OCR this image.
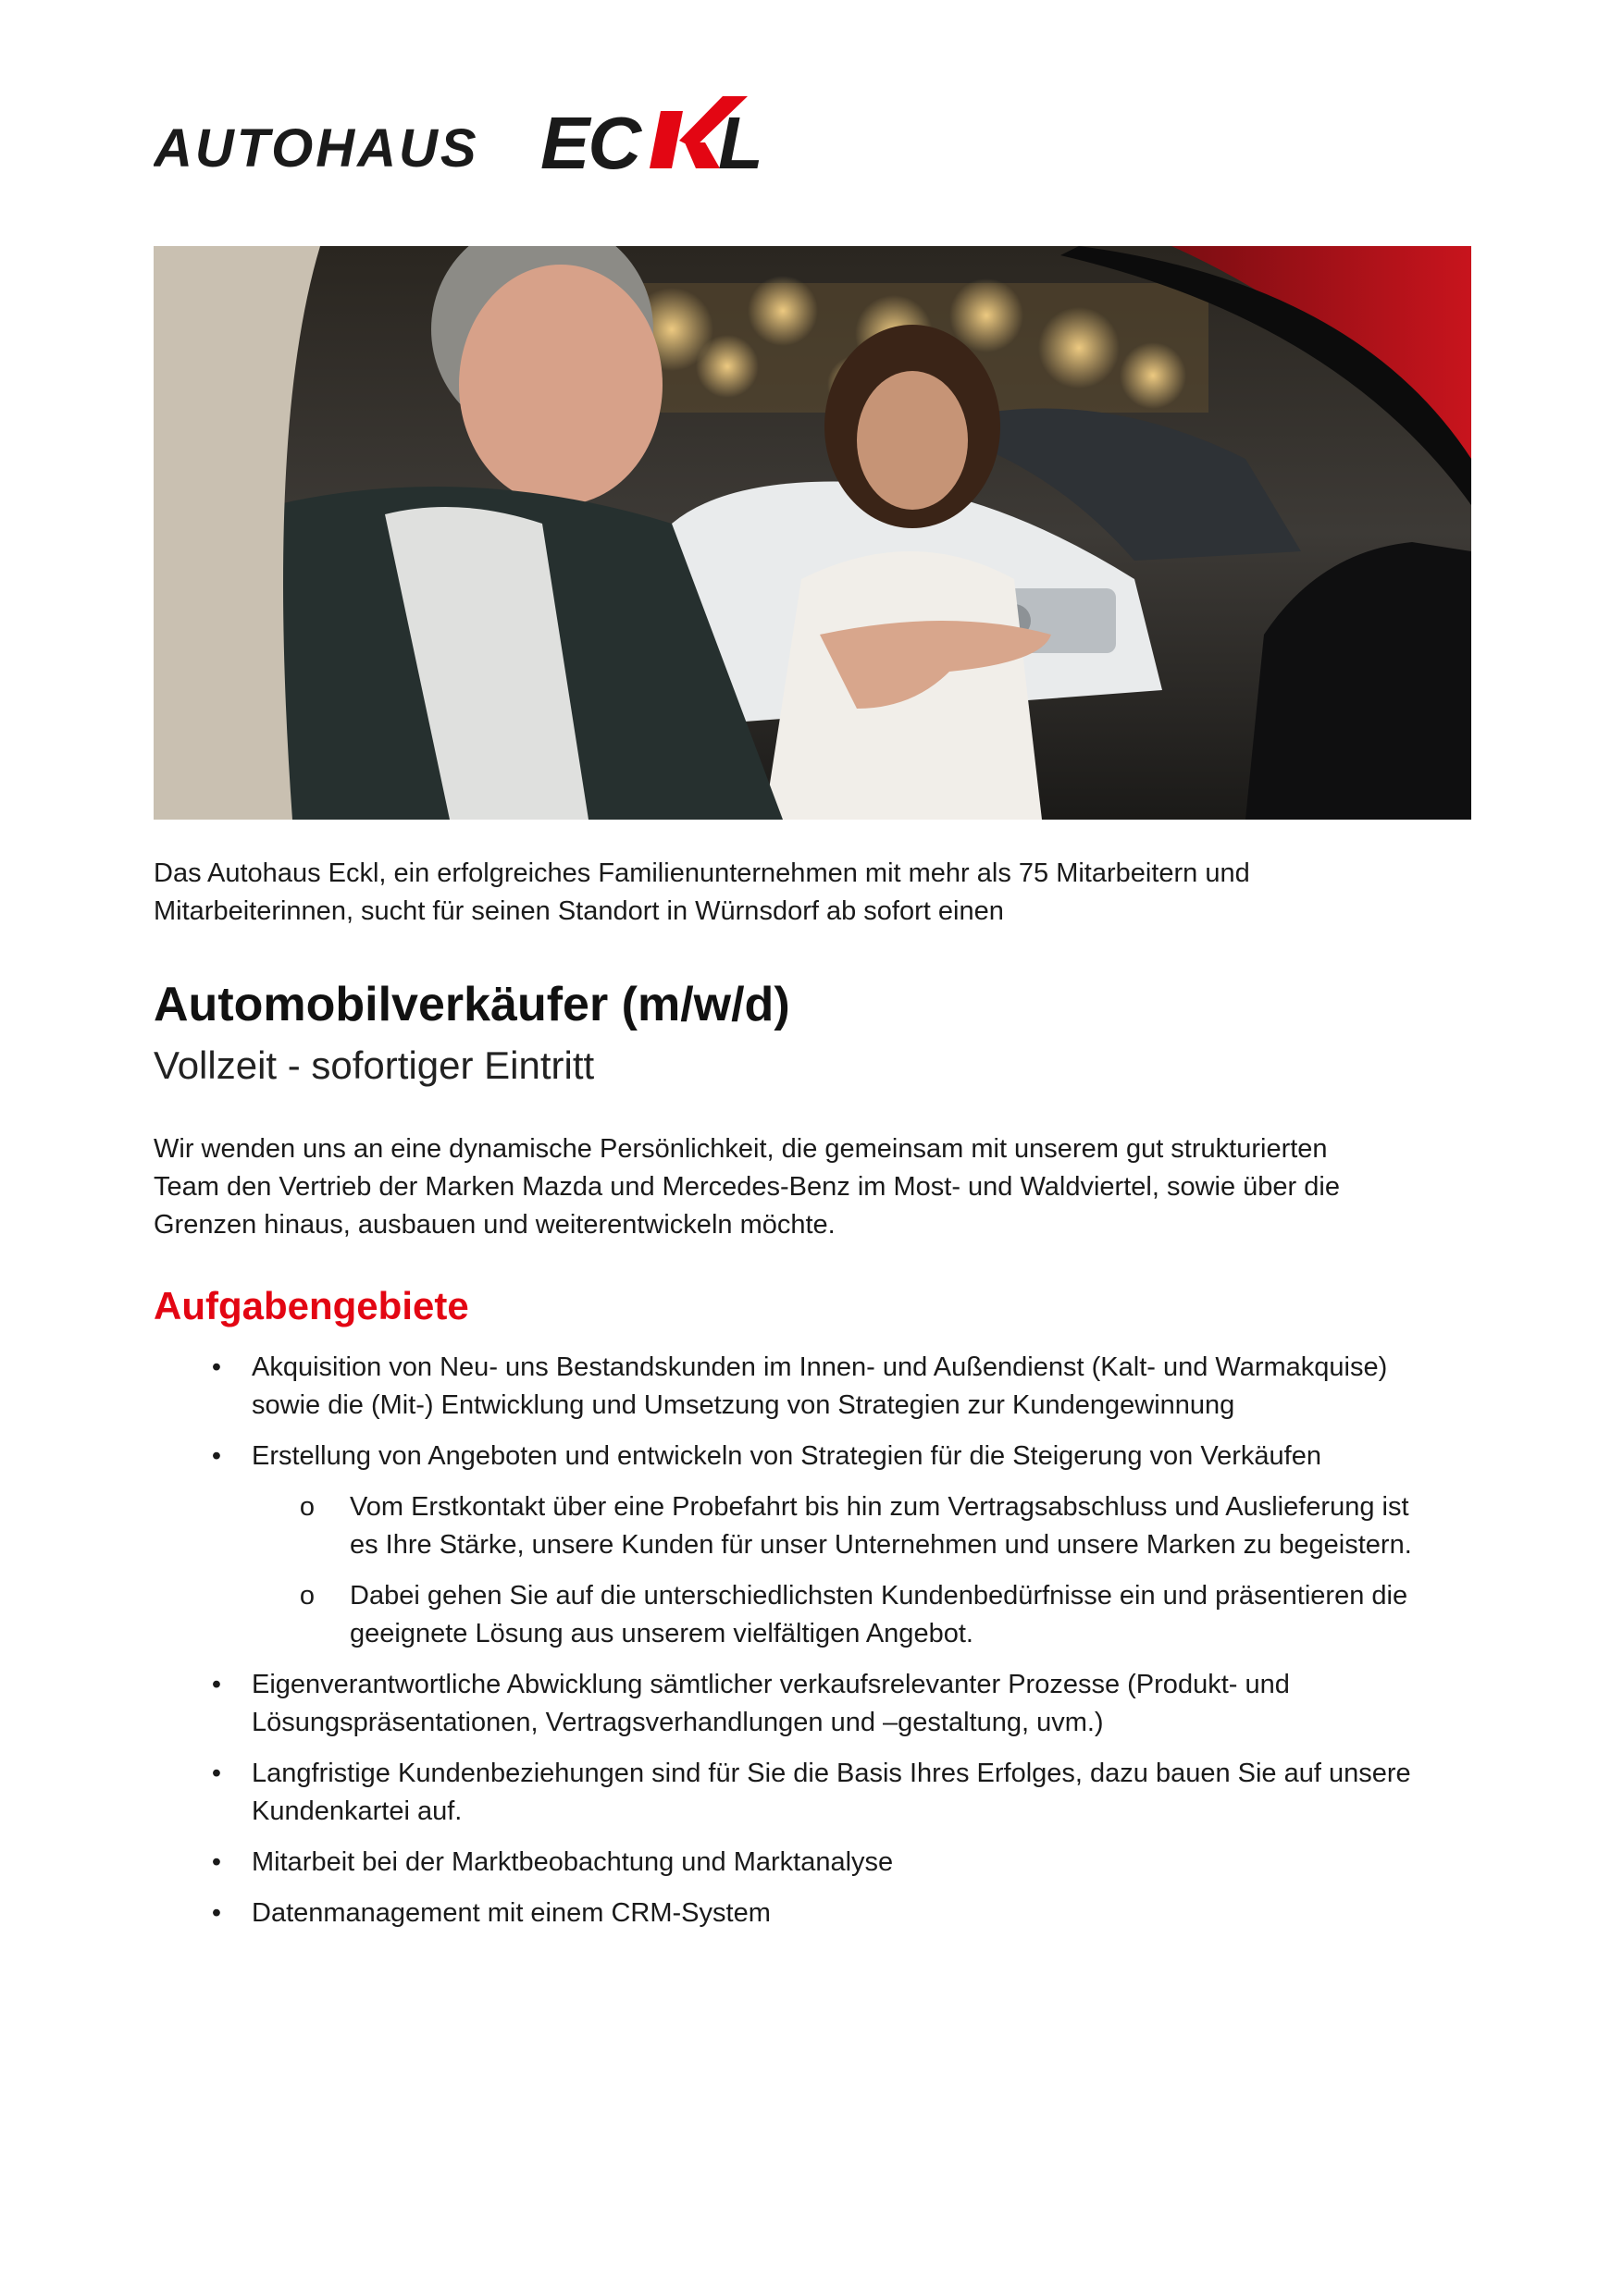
AUTOHAUS EC L
Das Autohaus Eckl, ein erfolgreiches Familienunternehmen mit mehr als 75 Mitarbeitern und
Mitarbeiterinnen, sucht für seinen Standort in Würnsdorf ab sofort einen
Automobilverkäufer (m/w/d)
Vollzeit - sofortiger Eintritt
Wir wenden uns an eine dynamische Persönlichkeit, die gemeinsam mit unserem gut strukturierten
Team den Vertrieb der Marken Mazda und Mercedes-Benz im Most- und Waldviertel, sowie über die
Grenzen hinaus, ausbauen und weiterentwickeln möchte.
Aufgabengebiete
• Akquisition von Neu- uns Bestandskunden im Innen- und Außendienst (Kalt- und Warmakquise)
sowie die (Mit-) Entwicklung und Umsetzung von Strategien zur Kundengewinnung
• Erstellung von Angeboten und entwickeln von Strategien für die Steigerung von Verkäufen
o Vom Erstkontakt über eine Probefahrt bis hin zum Vertragsabschluss und Auslieferung ist
es Ihre Stärke, unsere Kunden für unser Unternehmen und unsere Marken zu begeistern.
o Dabei gehen Sie auf die unterschiedlichsten Kundenbedürfnisse ein und präsentieren die
geeignete Lösung aus unserem vielfältigen Angebot.
• Eigenverantwortliche Abwicklung sämtlicher verkaufsrelevanter Prozesse (Produkt- und
Lösungspräsentationen, Vertragsverhandlungen und –gestaltung, uvm.)
• Langfristige Kundenbeziehungen sind für Sie die Basis Ihres Erfolges, dazu bauen Sie auf unsere
Kundenkartei auf.
• Mitarbeit bei der Marktbeobachtung und Marktanalyse
• Datenmanagement mit einem CRM-System
